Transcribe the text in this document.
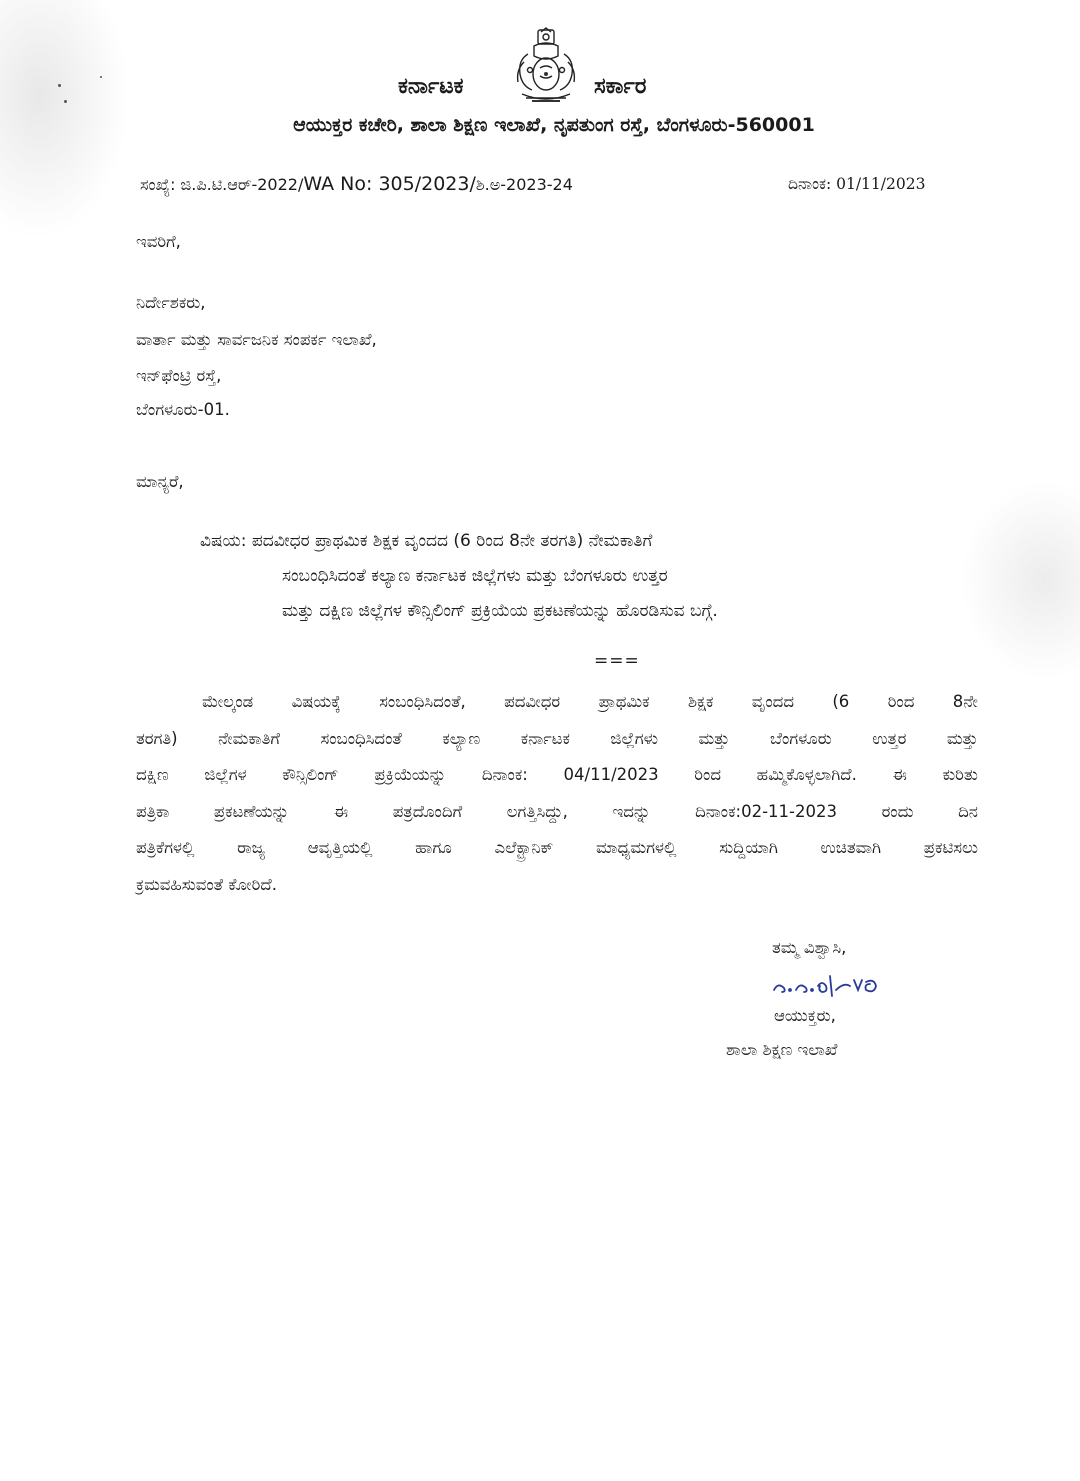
ಕರ್ನಾಟಕ	ಸರ್ಕಾರ
ಆಯುಕ್ತರ ಕಚೇರಿ, ಶಾಲಾ ಶಿಕ್ಷಣ ಇಲಾಖೆ, ನೃಪತುಂಗ ರಸ್ತೆ, ಬೆಂಗಳೂರು-560001
ಸಂಖ್ಯೆ: ಜಿ.ಪಿ.ಟಿ.ಆರ್-2022/WA No: 305/2023/ಶಿ.ಅ-2023-24	ದಿನಾಂಕ: 01/11/2023
ಇವರಿಗೆ,
ನಿರ್ದೇಶಕರು,
ವಾರ್ತಾ ಮತ್ತು ಸಾರ್ವಜನಿಕ ಸಂಪರ್ಕ ಇಲಾಖೆ,
ಇನ್‌ಫೆಂಟ್ರಿ ರಸ್ತೆ,
ಬೆಂಗಳೂರು-01.
ಮಾನ್ಯರೆ,
ವಿಷಯ: ಪದವೀಧರ ಪ್ರಾಥಮಿಕ ಶಿಕ್ಷಕ ವೃಂದದ (6 ರಿಂದ 8ನೇ ತರಗತಿ) ನೇಮಕಾತಿಗೆ
ಸಂಬಂಧಿಸಿದಂತೆ ಕಲ್ಯಾಣ ಕರ್ನಾಟಕ ಜಿಲ್ಲೆಗಳು ಮತ್ತು ಬೆಂಗಳೂರು ಉತ್ತರ
ಮತ್ತು ದಕ್ಷಿಣ ಜಿಲ್ಲೆಗಳ ಕೌನ್ಸಿಲಿಂಗ್ ಪ್ರಕ್ರಿಯೆಯ ಪ್ರಕಟಣೆಯನ್ನು ಹೊರಡಿಸುವ ಬಗ್ಗೆ.
===
ಮೇಲ್ಕಂಡ ವಿಷಯಕ್ಕೆ ಸಂಬಂಧಿಸಿದಂತೆ, ಪದವೀಧರ ಪ್ರಾಥಮಿಕ ಶಿಕ್ಷಕ ವೃಂದದ (6 ರಿಂದ 8ನೇ
ತರಗತಿ) ನೇಮಕಾತಿಗೆ ಸಂಬಂಧಿಸಿದಂತೆ ಕಲ್ಯಾಣ ಕರ್ನಾಟಕ ಜಿಲ್ಲೆಗಳು ಮತ್ತು ಬೆಂಗಳೂರು ಉತ್ತರ ಮತ್ತು
ದಕ್ಷಿಣ ಜಿಲ್ಲೆಗಳ ಕೌನ್ಸಿಲಿಂಗ್ ಪ್ರಕ್ರಿಯೆಯನ್ನು ದಿನಾಂಕ: 04/11/2023 ರಿಂದ ಹಮ್ಮಿಕೊಳ್ಳಲಾಗಿದೆ. ಈ ಕುರಿತು
ಪತ್ರಿಕಾ	ಪ್ರಕಟಣೆಯನ್ನು	ಈ	ಪತ್ರದೊಂದಿಗೆ	ಲಗತ್ತಿಸಿದ್ದು,	ಇದನ್ನು	ದಿನಾಂಕ:02-11-2023	ರಂದು	ದಿನ
ಪತ್ರಿಕೆಗಳಲ್ಲಿ	ರಾಜ್ಯ	ಆವೃತ್ತಿಯಲ್ಲಿ	ಹಾಗೂ	ಎಲೆಕ್ಟ್ರಾನಿಕ್	ಮಾಧ್ಯಮಗಳಲ್ಲಿ	ಸುದ್ದಿಯಾಗಿ	ಉಚಿತವಾಗಿ	ಪ್ರಕಟಿಸಲು
ಕ್ರಮವಹಿಸುವಂತೆ ಕೋರಿದೆ.
ತಮ್ಮ ವಿಶ್ವಾಸಿ,
ಆಯುಕ್ತರು,
ಶಾಲಾ ಶಿಕ್ಷಣ ಇಲಾಖೆ
